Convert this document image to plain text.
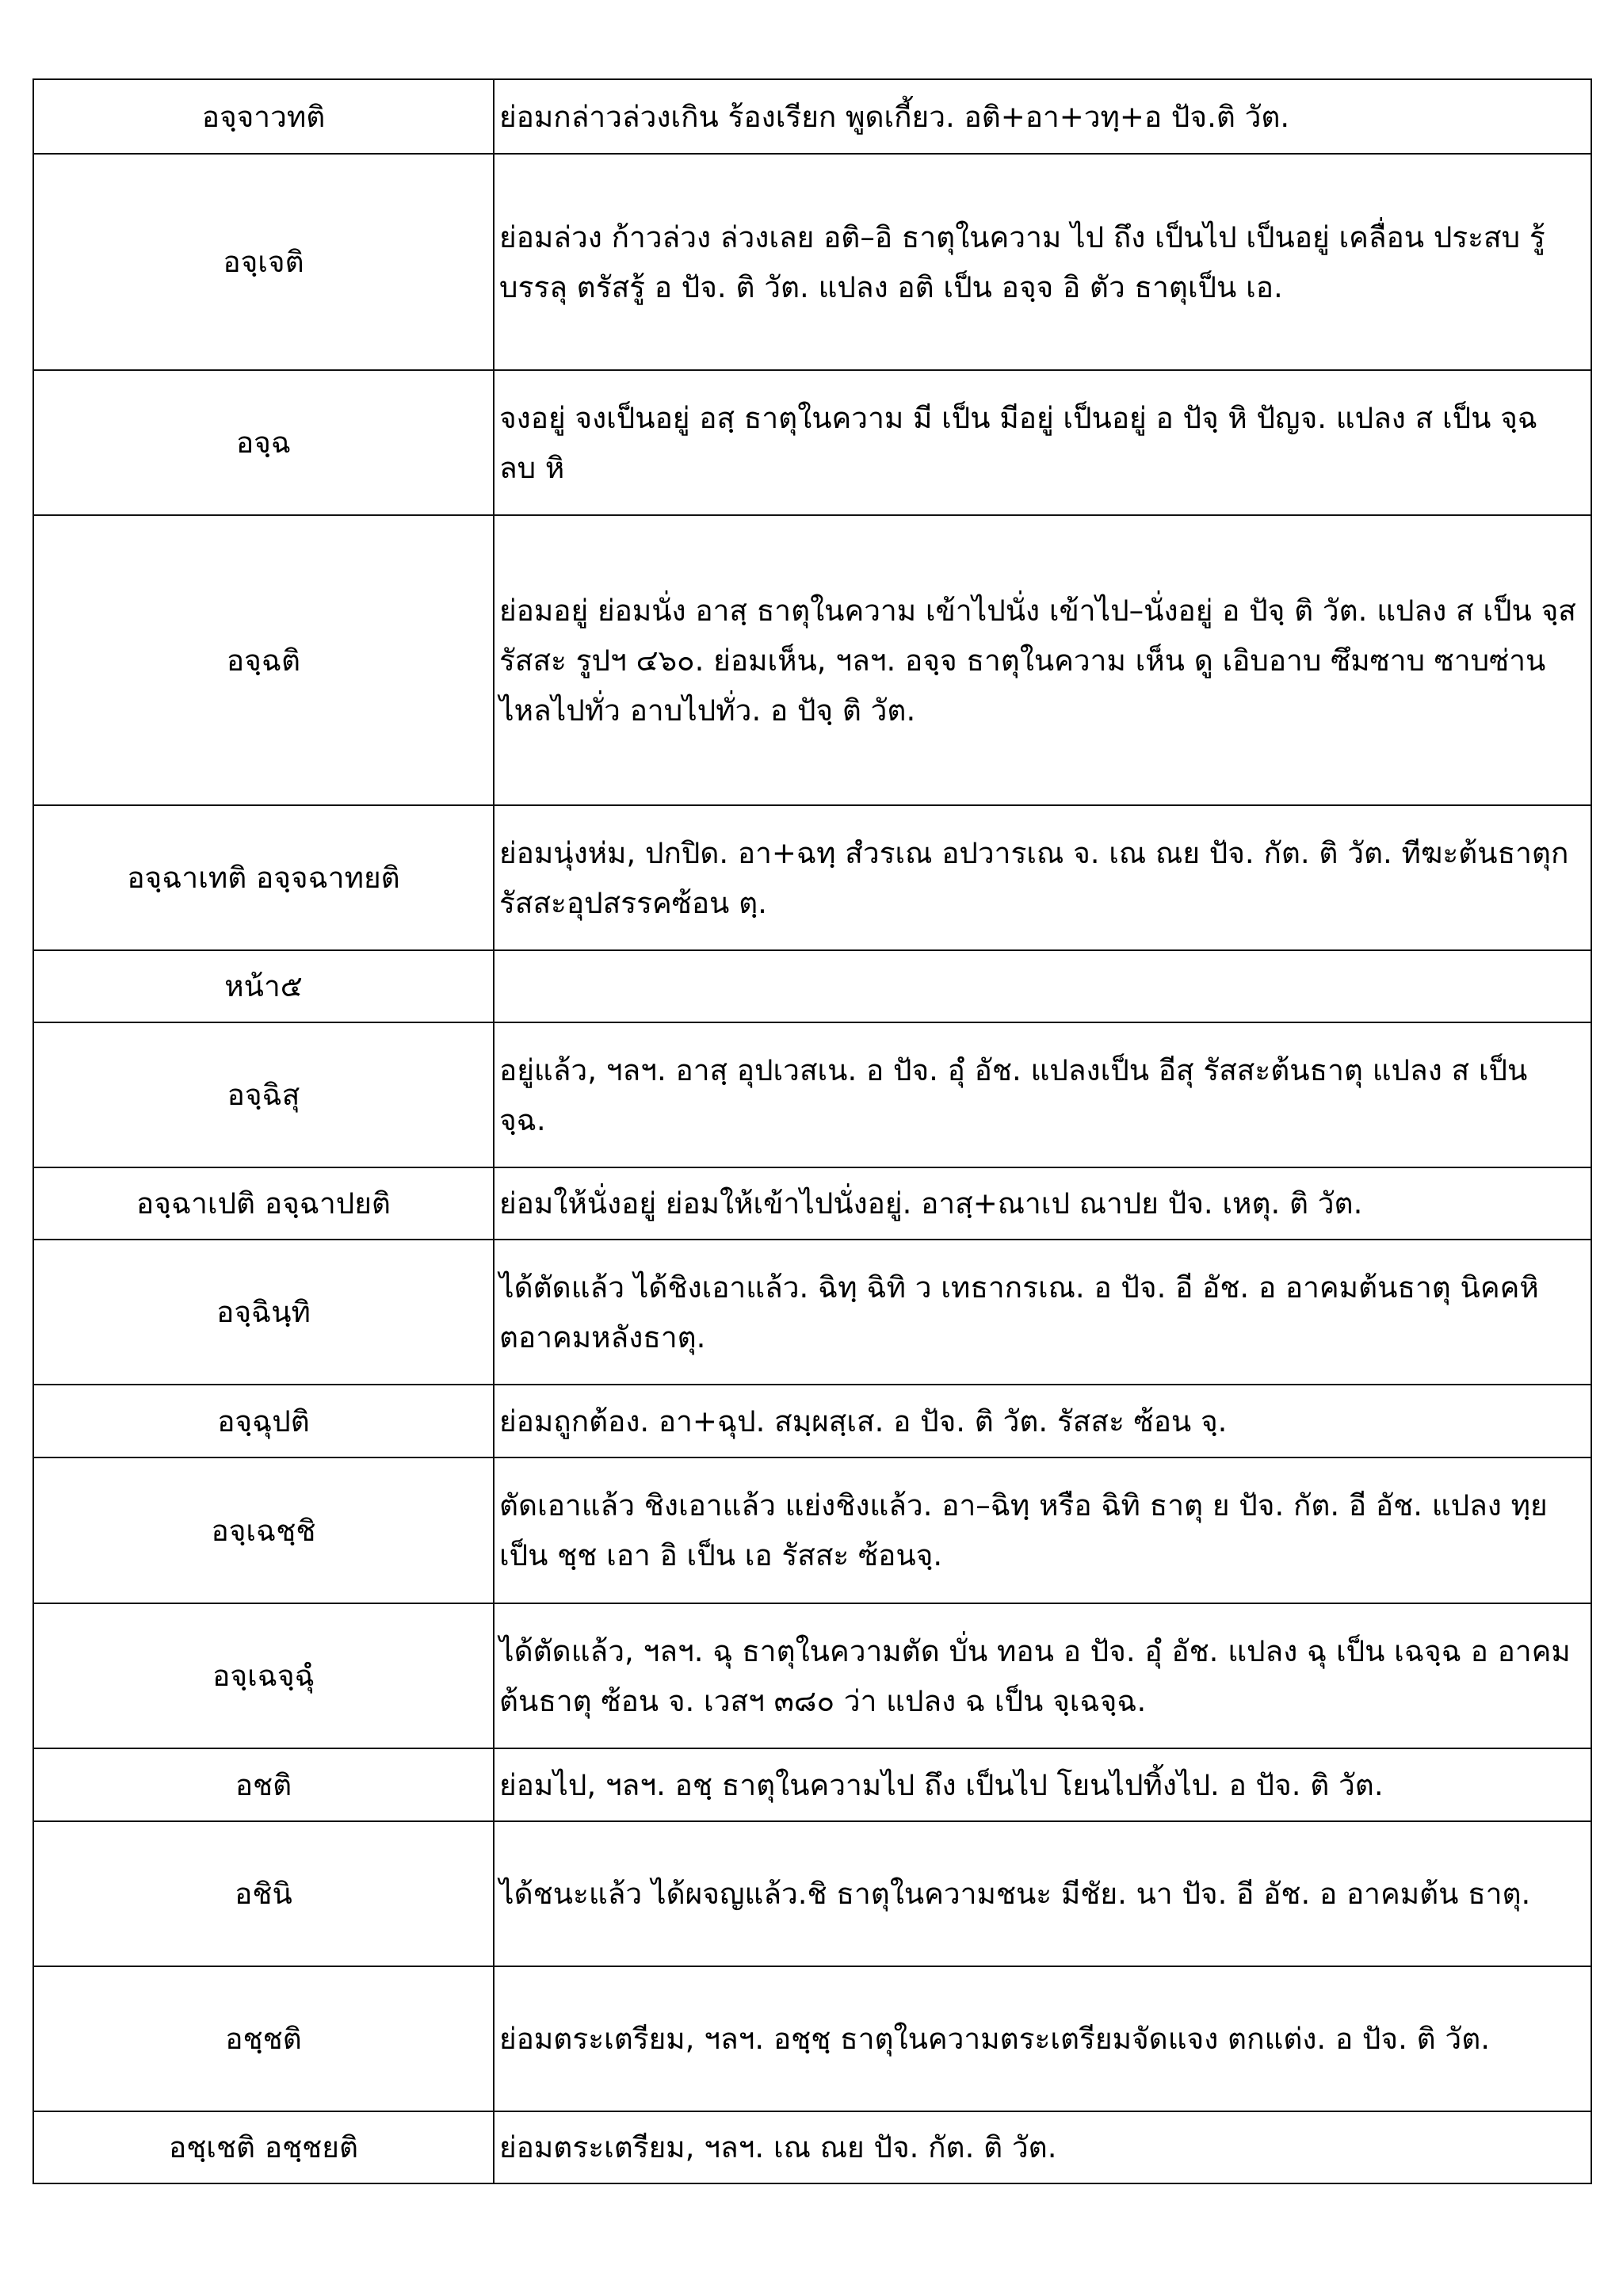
อจฺจาวทติ	ย่อมกล่าวล่วงเกิน ร้องเรียก พูดเกี้ยว. อติ+อา+วทฺ+อ ปัจ.ติ วัต.
อจฺเจติ	ย่อมล่วง ก้าวล่วง ล่วงเลย อติ–อิ ธาตุในความ ไป ถึง เป็นไป เป็นอยู่ เคลื่อน ประสบ รู้ บรรลุ ตรัสรู้ อ ปัจ. ติ วัต. แปลง อติ เป็น อจฺจ อิ ตัว ธาตุเป็น เอ.
อจฺฉ	จงอยู่ จงเป็นอยู่ อสฺ ธาตุในความ มี เป็น มีอยู่ เป็นอยู่ อ ปัจฺ หิ ปัญจ. แปลง ส เป็น จฺฉ ลบ หิ
อจฺฉติ	ย่อมอยู่ ย่อมนั่ง อาสฺ ธาตุในความ เข้าไปนั่ง เข้าไป–นั่งอยู่ อ ปัจฺ ติ วัต. แปลง ส เป็น จฺส รัสสะ รูปฯ ๔๖๐. ย่อมเห็น, ฯลฯ. อจฺจ ธาตุในความ เห็น ดู เอิบอาบ ซึมซาบ ซาบซ่าน ไหลไปทั่ว อาบไปทั่ว. อ ปัจฺ ติ วัต.
อจฺฉาเทติ อจฺจฉาทยติ	ย่อมนุ่งห่ม, ปกปิด. อา+ฉทฺ สํวรเณ อปวารเณ จ. เณ ณย ปัจ. กัต. ติ วัต. ทีฆะต้นธาตุก รัสสะอุปสรรคซ้อน ตฺ.
หน้า๕	
อจฺฉิสุ	อยู่แล้ว, ฯลฯ. อาสฺ อุปเวสเน. อ ปัจ. อุํ อัช. แปลงเป็น อีสุ รัสสะต้นธาตุ แปลง ส เป็น จฺฉ.
อจฺฉาเปติ อจฺฉาปยติ	ย่อมให้นั่งอยู่ ย่อมให้เข้าไปนั่งอยู่. อาสฺ+ณาเป ณาปย ปัจ. เหตุ. ติ วัต.
อจฺฉินฺทิ	ได้ตัดแล้ว ได้ชิงเอาแล้ว. ฉิทฺ ฉิทิ ว เทธากรเณ. อ ปัจ. อี อัช. อ อาคมต้นธาตุ นิคคหิตอาคมหลังธาตุ.
อจฺฉุปติ	ย่อมถูกต้อง. อา+ฉุป. สมฺผสฺเส. อ ปัจ. ติ วัต. รัสสะ ซ้อน จฺ.
อจฺเฉชฺชิ	ตัดเอาแล้ว ชิงเอาแล้ว แย่งชิงแล้ว. อา–ฉิทฺ หรือ ฉิทิ ธาตุ ย ปัจ. กัต. อี อัช. แปลง ทฺย เป็น ชฺช เอา อิ เป็น เอ รัสสะ ซ้อนจฺ.
อจฺเฉจฺฉุํ	ได้ตัดแล้ว, ฯลฯ. ฉุ ธาตุในความตัด บั่น ทอน อ ปัจ. อุํ อัช. แปลง ฉุ เป็น เฉจฺฉ อ อาคมต้นธาตุ ซ้อน จ. เวสฯ ๓๘๐ ว่า แปลง ฉ เป็น จฺเฉจฺฉ.
อชติ	ย่อมไป, ฯลฯ. อชฺ ธาตุในความไป ถึง เป็นไป โยนไปทิ้งไป. อ ปัจ. ติ วัต.
อชินิ	ได้ชนะแล้ว ได้ผจญแล้ว.ชิ ธาตุในความชนะ มีชัย. นา ปัจ. อี อัช. อ อาคมต้น ธาตุ.
อชฺชติ	ย่อมตระเตรียม, ฯลฯ. อชฺชฺ ธาตุในความตระเตรียมจัดแจง ตกแต่ง. อ ปัจ. ติ วัต.
อชฺเชติ อชฺชยติ	ย่อมตระเตรียม, ฯลฯ. เณ ณย ปัจ. กัต. ติ วัต.
